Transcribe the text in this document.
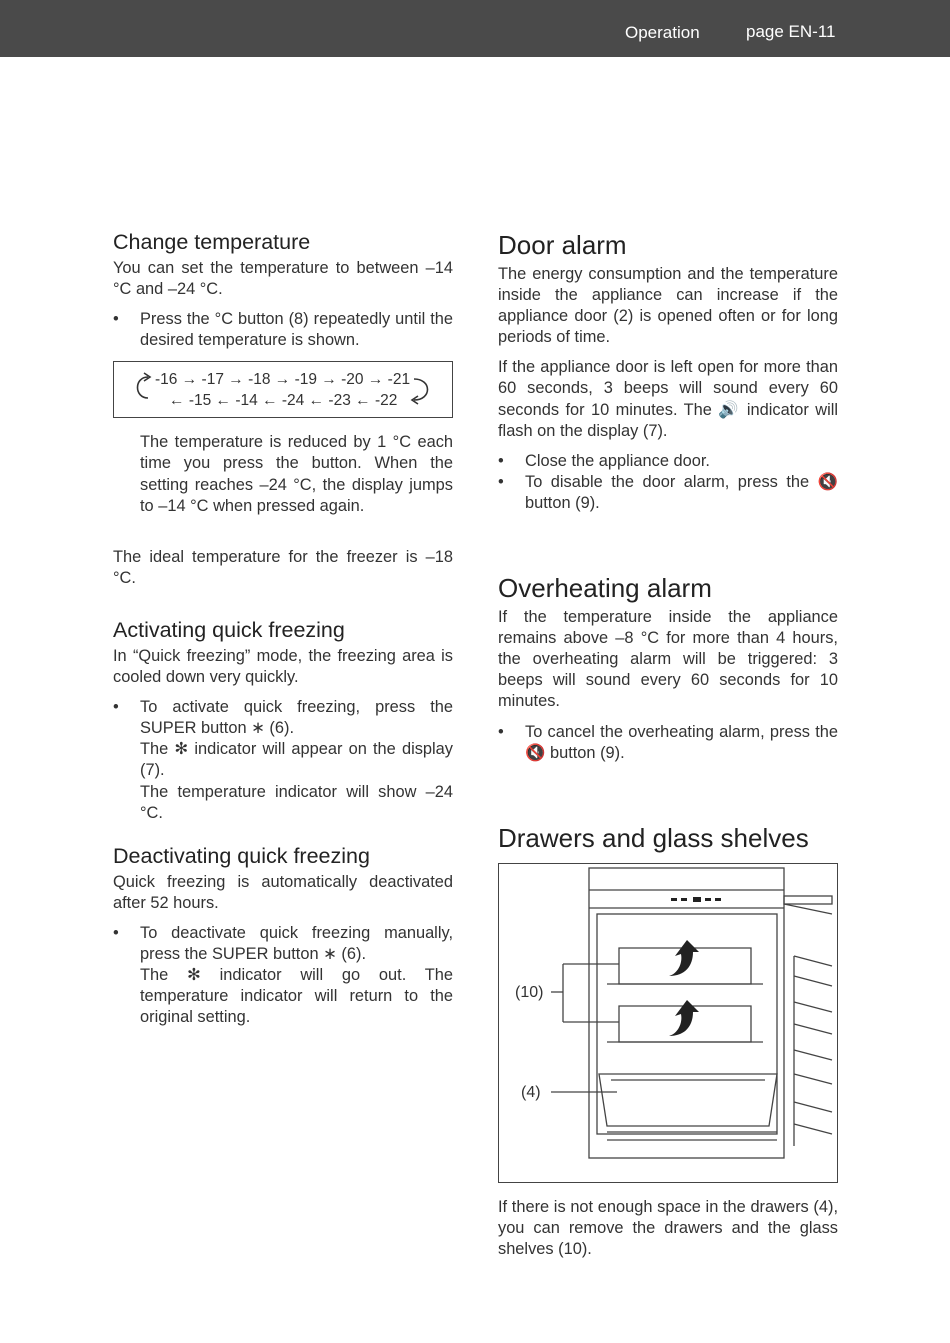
Operation	page EN-11
Change temperature

You can set the temperature to between –14 °C and –24 °C.

• Press the °C button (8) repeatedly until the desired temperature is shown.
-16 → -17 → -18 → -19 → -20 → -21
← -15 ← -14 ← -24 ← -23 ← -22

The temperature is reduced by 1 °C each time you press the button. When the setting reaches –24 °C, the display jumps to –14 °C when pressed again.

The ideal temperature for the freezer is –18 °C.

Activating quick freezing

In “Quick freezing” mode, the freezing area is cooled down very quickly.

• To activate quick freezing, press the SUPER button ∗ (6).

The ✻ indicator will appear on the display (7).

The temperature indicator will show –24 °C.

Deactivating quick freezing

Quick freezing is automatically deactivated after 52 hours.

• To deactivate quick freezing manually, press the SUPER button ∗ (6).

The ✻ indicator will go out. The temperature indicator will return to the original setting.

Door alarm

The energy consumption and the temperature inside the appliance can increase if the appliance door (2) is opened often or for long periods of time.

If the appliance door is left open for more than 60 seconds, 3 beeps will sound every 60 seconds for 10 minutes. The 🔊 indicator will flash on the display (7).

• Close the appliance door.
• To disable the door alarm, press the 🔇 button (9).
Overheating alarm

If the temperature inside the appliance remains above –8 °C for more than 4 hours, the overheating alarm will be triggered: 3 beeps will sound every 60 seconds for 10 minutes.

• To cancel the overheating alarm, press the 🔇 button (9).
Drawers and glass shelves
(10)
(4)

If there is not enough space in the drawers (4), you can remove the drawers and the glass shelves (10).
